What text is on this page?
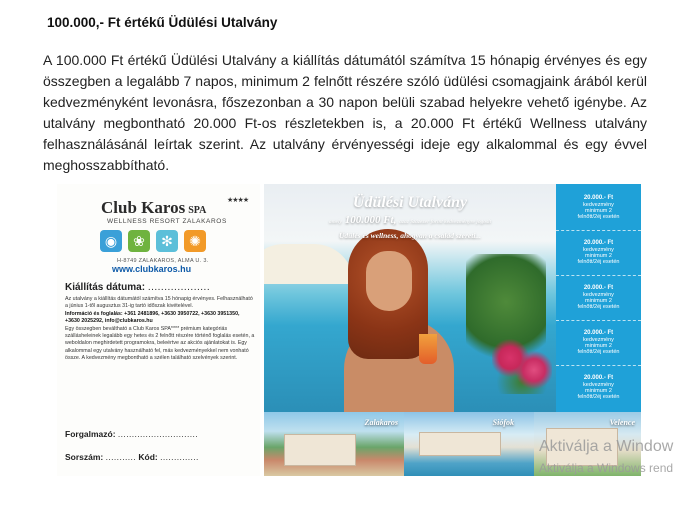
100.000,- Ft értékű Üdülési Utalvány
A 100.000 Ft értékű Üdülési Utalvány a kiállítás dátumától számítva 15 hónapig érvényes és egy összegben a legalább 7 napos, minimum 2 felnőtt részére szóló üdülési csomagjaink árából kerül kedvezményként levonásra, főszezonban a 30 napon belüli szabad helyekre vehető igénybe. Az utalvány megbontható 20.000 Ft-os részletekben is, a 20.000 Ft értékű Wellness utalvány felhasználásánál leírtak szerint. Az utalvány érvényességi ideje egy alkalommal és egy évvel meghosszabbítható.
Club Karos SPA
★★★★
WELLNESS RESORT ZALAKAROS
◉	❀	✻	✺
H-8749 ZALAKAROS, ALMA U. 3.
www.clubkaros.hu
Kiállítás dátuma: ...................
Az utalvány a kiállítás dátumától számítva 15 hónapig érvényes. Felhasználható a június 1-től augusztus 31-ig tartó időszak kivételével.
Információ és foglalás: +361 2481896, +3630 3950722, +3630 3951350, +3630 2025292, info@clubkaros.hu
Egy összegben beváltható a Club Karos SPA**** prémium kategóriás szállásheleinek legalább egy hetes és 2 felnőtt részére történő foglalás esetén, a weboldalon meghirdetett programokra, beleértve az akciós ajánlatokat is. Egy alkalommal egy utalvány használható fel, más kedvezményekkel nem vonható össze. A kedvezmény megbontható a szélen található szelvények szerint.
Forgalmazó: .............................
Sorszám: ........... Kód: ..............
Üdülési Utalvány
amely 100.000 Ft, azaz Százezer forint kedvezményre jogosít
Üdülés és wellness, ahogyan a család szereti...
20.000.- Ft
kedvezmény minimum 2 felnőtt/2éj esetén
20.000.- Ft
kedvezmény minimum 2 felnőtt/2éj esetén
20.000.- Ft
kedvezmény minimum 2 felnőtt/2éj esetén
20.000.- Ft
kedvezmény minimum 2 felnőtt/2éj esetén
20.000.- Ft
kedvezmény minimum 2 felnőtt/2éj esetén
Zalakaros	Siófok	Velence
Aktiválja a Window
Aktiválja a Windows rend
